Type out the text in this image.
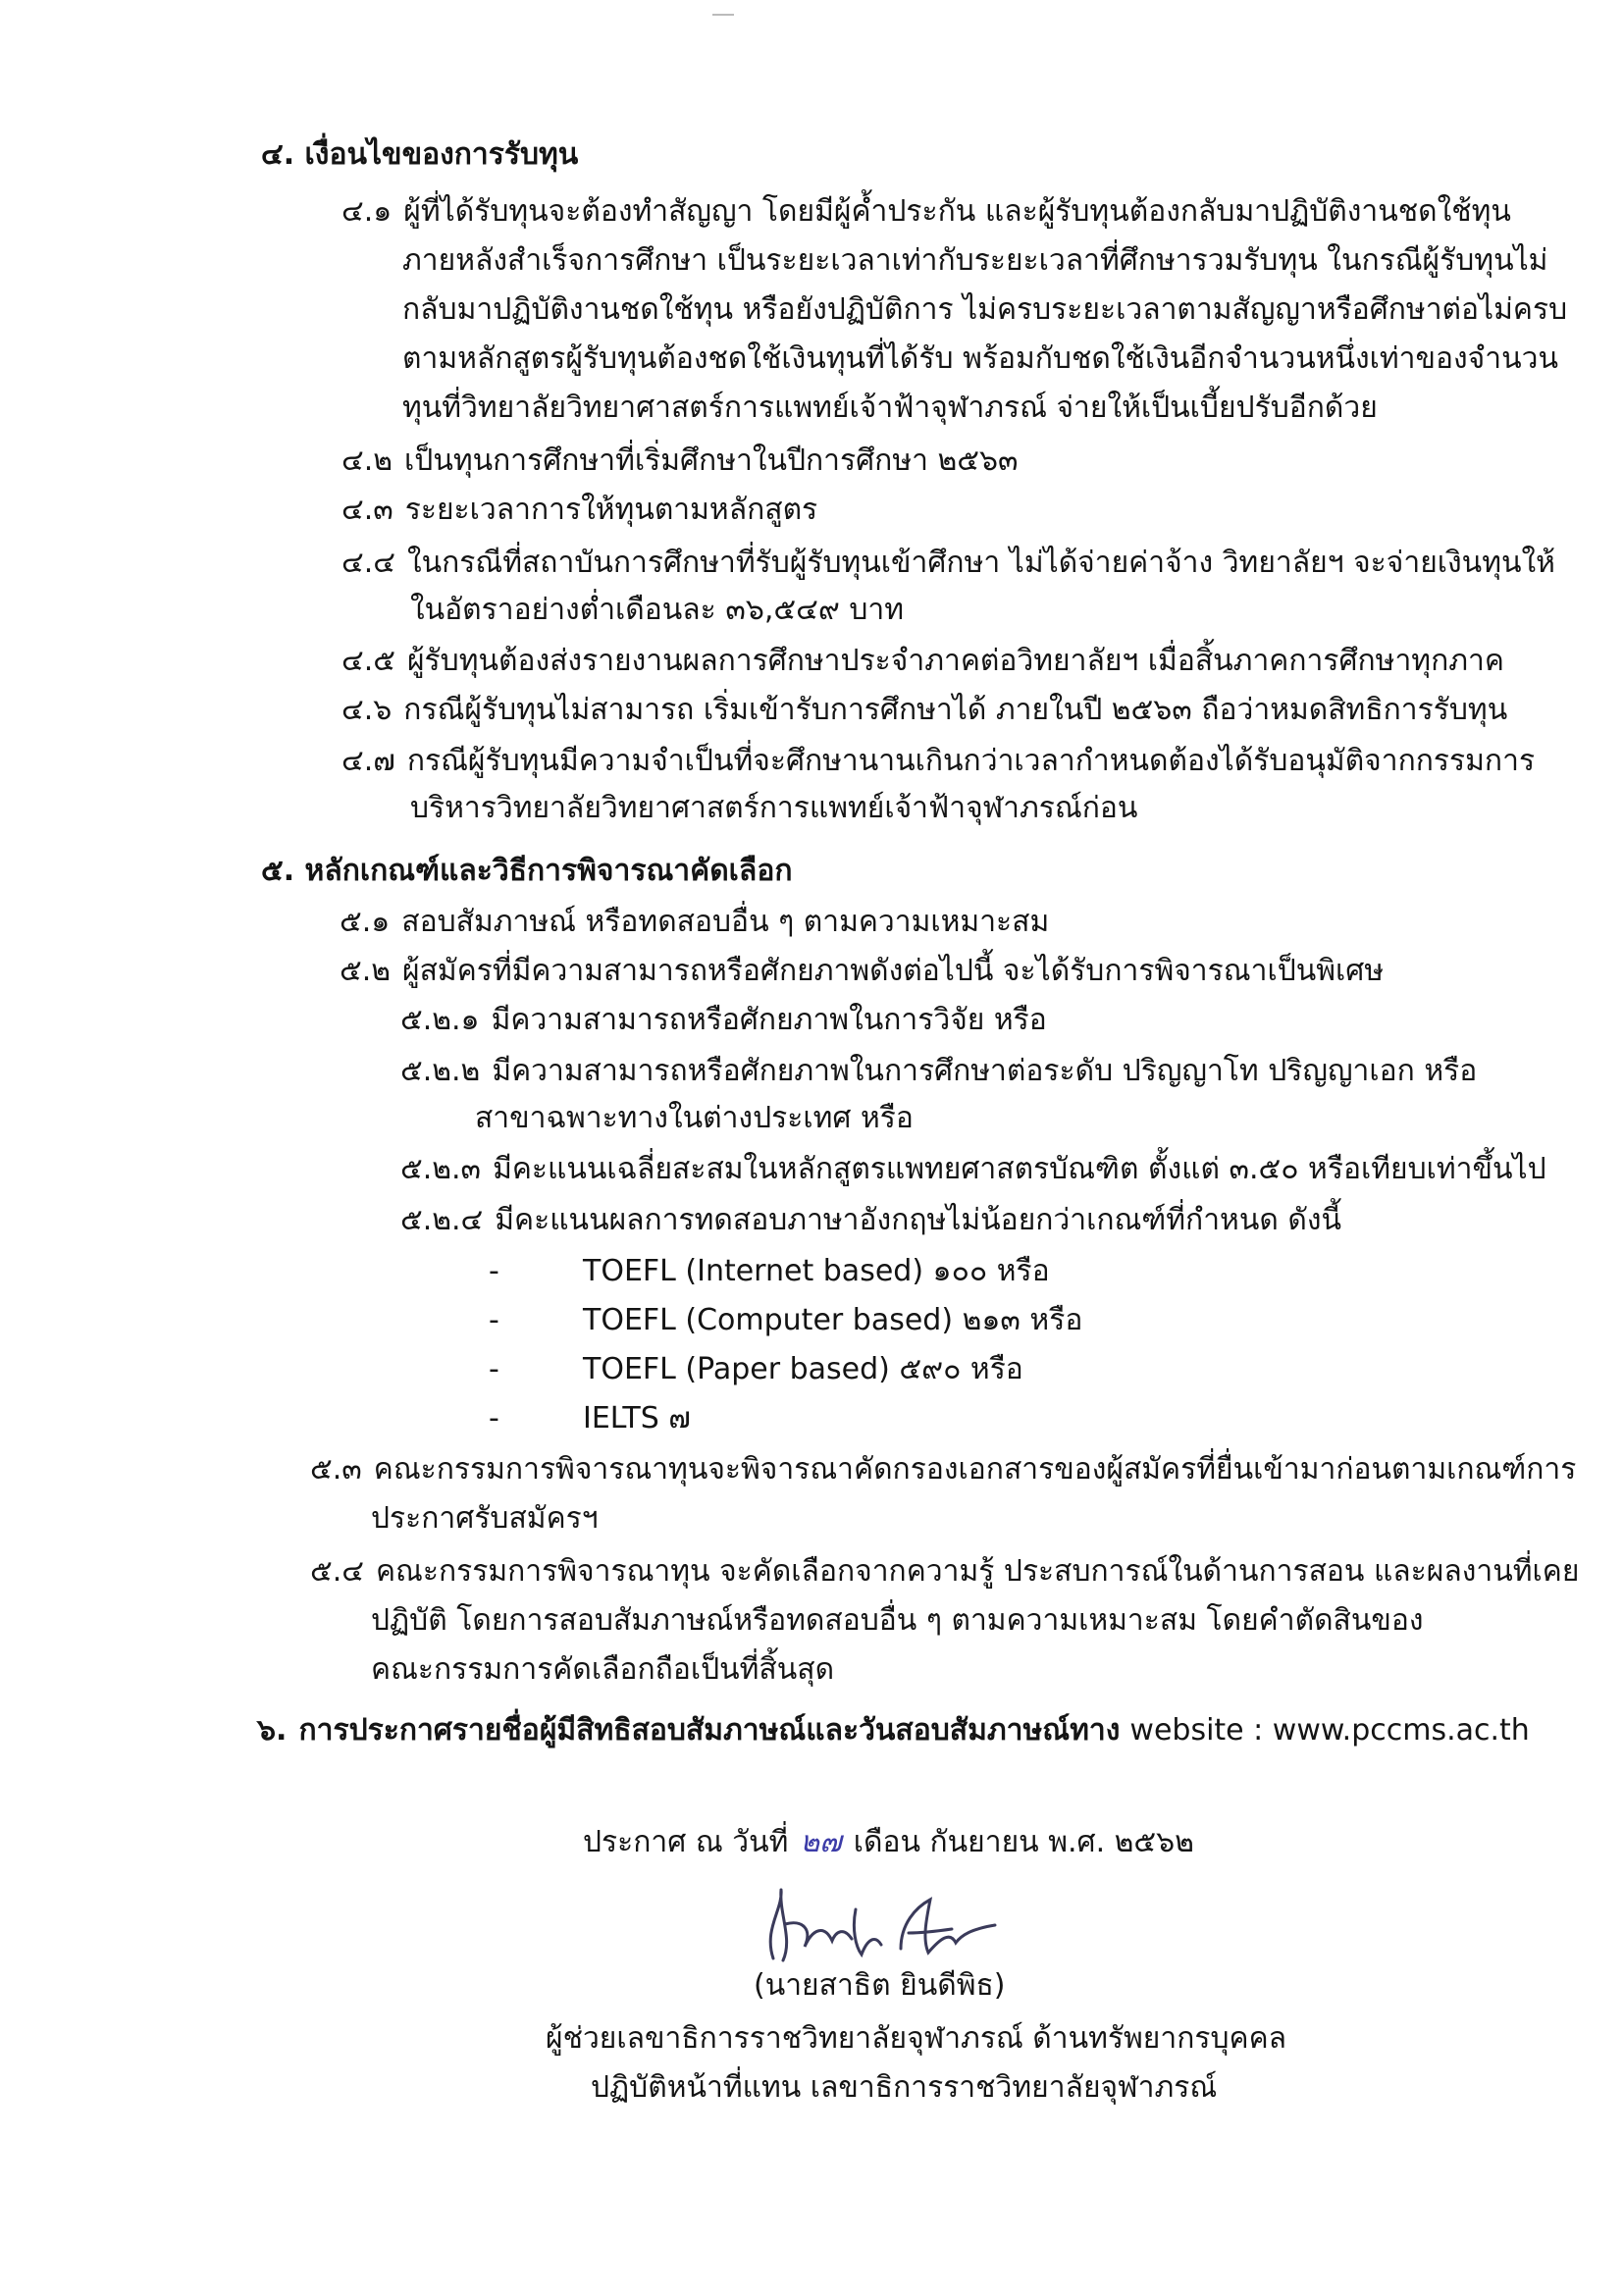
๔. เงื่อนไขของการรับทุน
๔.๑ ผู้ที่ได้รับทุนจะต้องทำสัญญา โดยมีผู้ค้ำประกัน และผู้รับทุนต้องกลับมาปฏิบัติงานชดใช้ทุน
ภายหลังสำเร็จการศึกษา เป็นระยะเวลาเท่ากับระยะเวลาที่ศึกษารวมรับทุน ในกรณีผู้รับทุนไม่
กลับมาปฏิบัติงานชดใช้ทุน หรือยังปฏิบัติการ ไม่ครบระยะเวลาตามสัญญาหรือศึกษาต่อไม่ครบ
ตามหลักสูตรผู้รับทุนต้องชดใช้เงินทุนที่ได้รับ พร้อมกับชดใช้เงินอีกจำนวนหนึ่งเท่าของจำนวน
ทุนที่วิทยาลัยวิทยาศาสตร์การแพทย์เจ้าฟ้าจุฬาภรณ์ จ่ายให้เป็นเบี้ยปรับอีกด้วย
๔.๒ เป็นทุนการศึกษาที่เริ่มศึกษาในปีการศึกษา ๒๕๖๓
๔.๓ ระยะเวลาการให้ทุนตามหลักสูตร
๔.๔ ในกรณีที่สถาบันการศึกษาที่รับผู้รับทุนเข้าศึกษา ไม่ได้จ่ายค่าจ้าง วิทยาลัยฯ จะจ่ายเงินทุนให้
ในอัตราอย่างต่ำเดือนละ ๓๖,๕๔๙ บาท
๔.๕ ผู้รับทุนต้องส่งรายงานผลการศึกษาประจำภาคต่อวิทยาลัยฯ เมื่อสิ้นภาคการศึกษาทุกภาค
๔.๖ กรณีผู้รับทุนไม่สามารถ เริ่มเข้ารับการศึกษาได้ ภายในปี ๒๕๖๓ ถือว่าหมดสิทธิการรับทุน
๔.๗ กรณีผู้รับทุนมีความจำเป็นที่จะศึกษานานเกินกว่าเวลากำหนดต้องได้รับอนุมัติจากกรรมการ
บริหารวิทยาลัยวิทยาศาสตร์การแพทย์เจ้าฟ้าจุฬาภรณ์ก่อน
๕. หลักเกณฑ์และวิธีการพิจารณาคัดเลือก
๕.๑ สอบสัมภาษณ์ หรือทดสอบอื่น ๆ ตามความเหมาะสม
๕.๒ ผู้สมัครที่มีความสามารถหรือศักยภาพดังต่อไปนี้ จะได้รับการพิจารณาเป็นพิเศษ
๕.๒.๑ มีความสามารถหรือศักยภาพในการวิจัย หรือ
๕.๒.๒ มีความสามารถหรือศักยภาพในการศึกษาต่อระดับ ปริญญาโท ปริญญาเอก หรือ
สาขาฉพาะทางในต่างประเทศ หรือ
๕.๒.๓ มีคะแนนเฉลี่ยสะสมในหลักสูตรแพทยศาสตรบัณฑิต ตั้งแต่ ๓.๕๐ หรือเทียบเท่าขึ้นไป
๕.๒.๔ มีคะแนนผลการทดสอบภาษาอังกฤษไม่น้อยกว่าเกณฑ์ที่กำหนด ดังนี้
-	TOEFL (Internet based) ๑๐๐ หรือ
-	TOEFL (Computer based) ๒๑๓ หรือ
-	TOEFL (Paper based) ๕๙๐ หรือ
-	IELTS ๗
๕.๓ คณะกรรมการพิจารณาทุนจะพิจารณาคัดกรองเอกสารของผู้สมัครที่ยื่นเข้ามาก่อนตามเกณฑ์การ
ประกาศรับสมัครฯ
๕.๔ คณะกรรมการพิจารณาทุน จะคัดเลือกจากความรู้ ประสบการณ์ในด้านการสอน และผลงานที่เคย
ปฏิบัติ โดยการสอบสัมภาษณ์หรือทดสอบอื่น ๆ ตามความเหมาะสม โดยคำตัดสินของ
คณะกรรมการคัดเลือกถือเป็นที่สิ้นสุด
๖. การประกาศรายชื่อผู้มีสิทธิสอบสัมภาษณ์และวันสอบสัมภาษณ์ทาง website : www.pccms.ac.th
ประกาศ ณ วันที่ ๒๗ เดือน กันยายน พ.ศ. ๒๕๖๒
(นายสาธิต ยินดีพิธ)
ผู้ช่วยเลขาธิการราชวิทยาลัยจุฬาภรณ์ ด้านทรัพยากรบุคคล
ปฏิบัติหน้าที่แทน เลขาธิการราชวิทยาลัยจุฬาภรณ์
